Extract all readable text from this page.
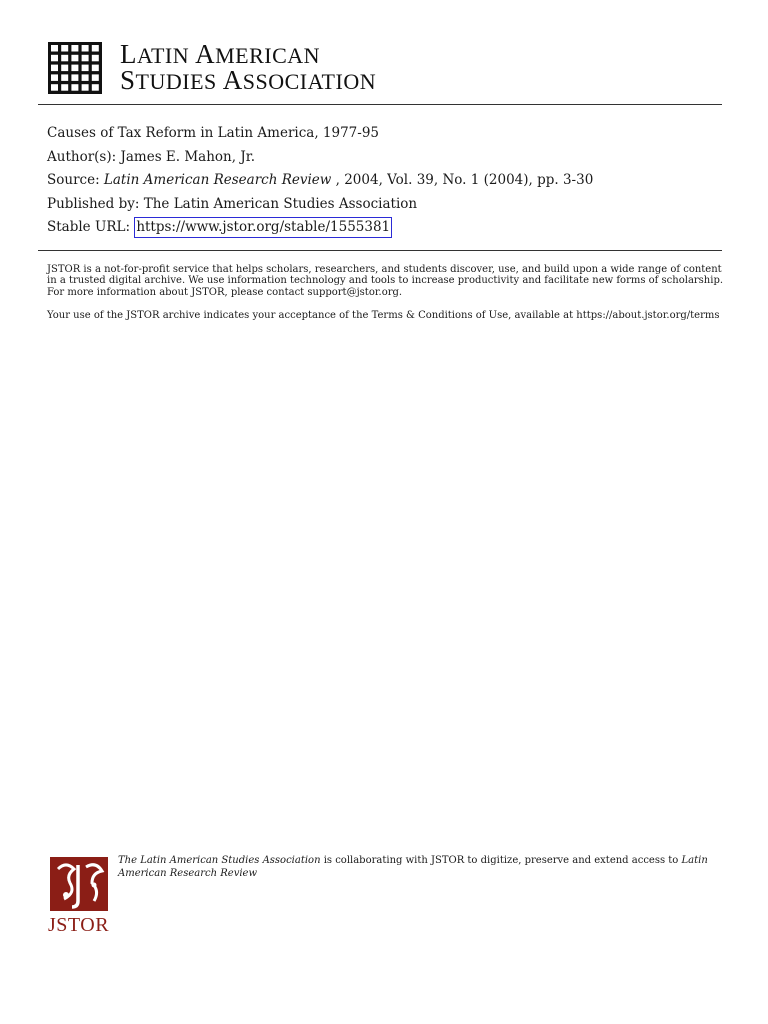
LATIN AMERICAN
STUDIES ASSOCIATION
Causes of Tax Reform in Latin America, 1977-95
Author(s): James E. Mahon, Jr.
Source: Latin American Research Review , 2004, Vol. 39, No. 1 (2004), pp. 3-30
Published by: The Latin American Studies Association
Stable URL: https://www.jstor.org/stable/1555381

JSTOR is a not-for-profit service that helps scholars, researchers, and students discover, use, and build upon a wide range of content in a trusted digital archive. We use information technology and tools to increase productivity and facilitate new forms of scholarship. For more information about JSTOR, please contact support@jstor.org.

Your use of the JSTOR archive indicates your acceptance of the Terms & Conditions of Use, available at https://about.jstor.org/terms

JSTOR
The Latin American Studies Association is collaborating with JSTOR to digitize, preserve and extend access to Latin American Research Review
